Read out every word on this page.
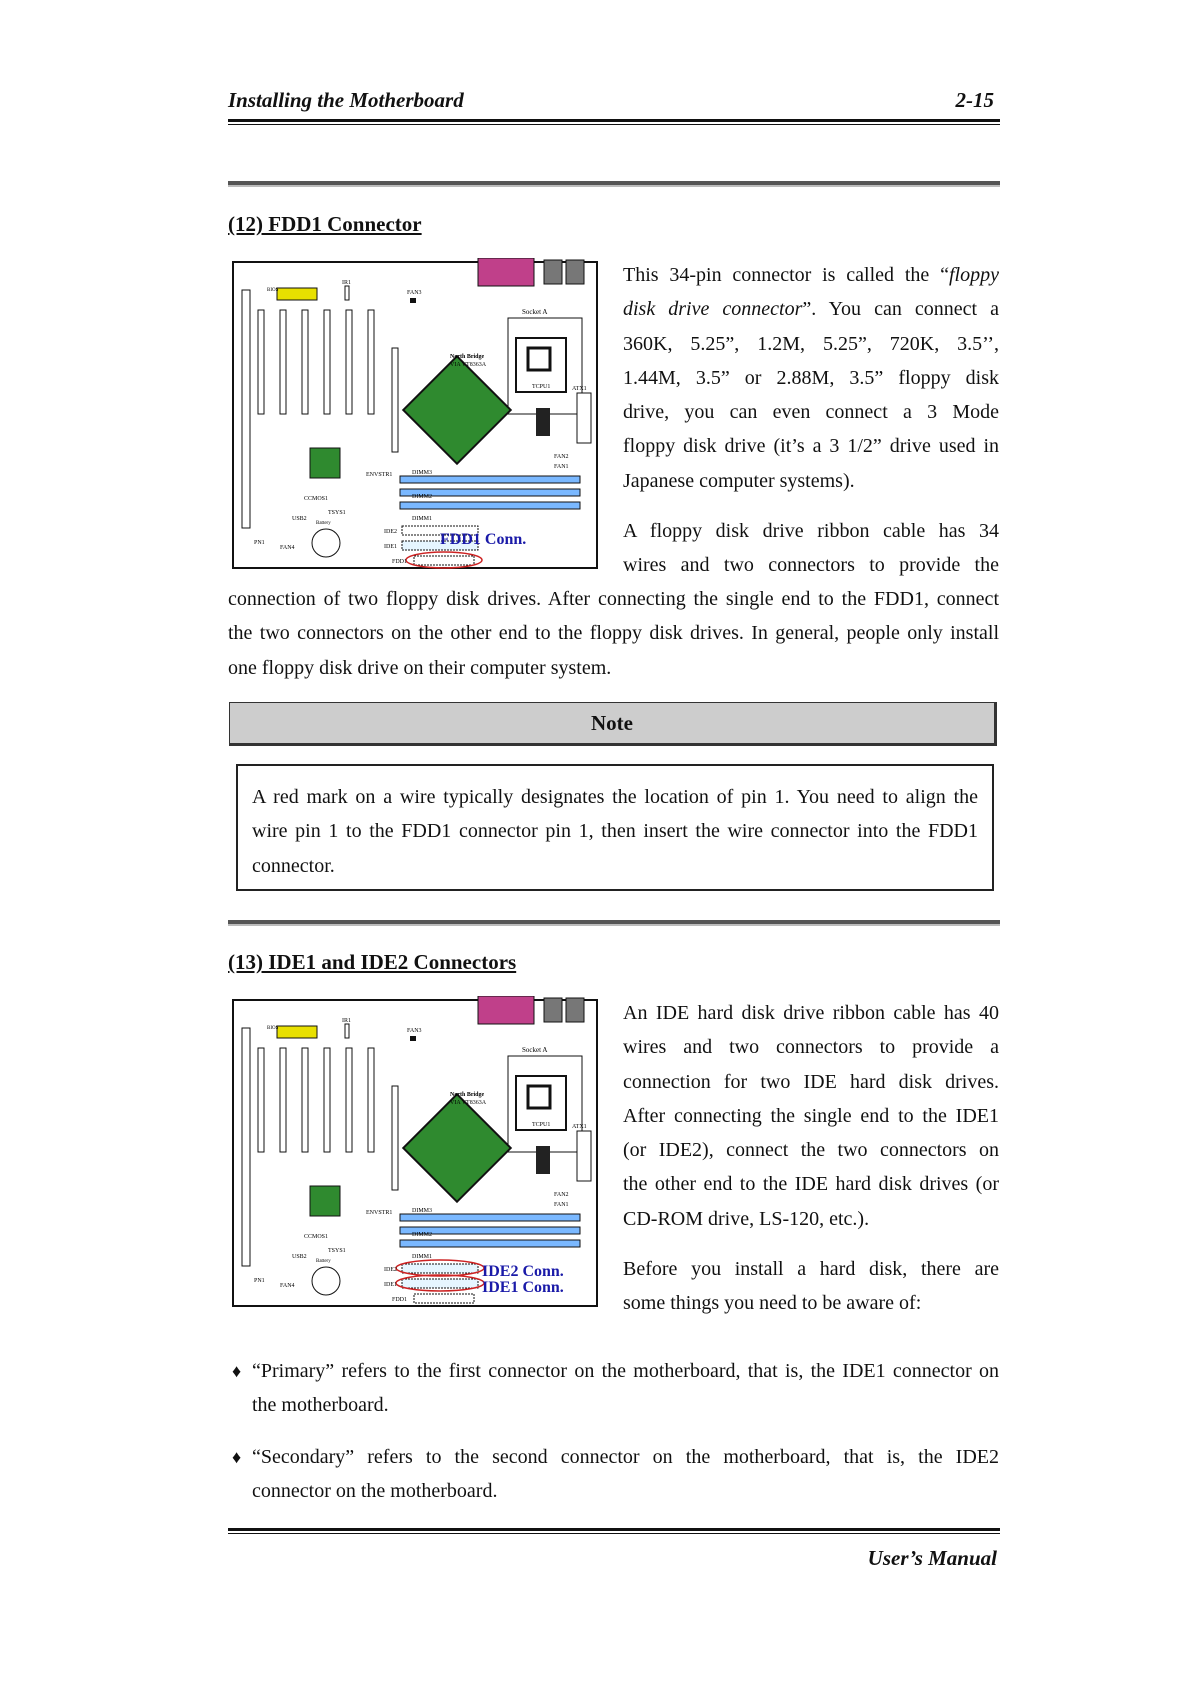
Installing the Motherboard	2-15
(12) FDD1 Connector
IR1
FAN3
Socket A
TCPU1
North Bridge
VIA VT8363A
ATX1
FAN2
FAN1
DIMM3
DIMM2
DIMM1
IDE2
IDE1
FDD1
CCMOS1
TSYS1
USB2
Battery
FAN4
PN1
ENVSTR1
BIOS
FDD1 Conn.

This 34-pin connector is called the “floppy

disk drive connector”. You can connect a

360K, 5.25”, 1.2M, 5.25”, 720K, 3.5’’,

1.44M, 3.5” or 2.88M, 3.5” floppy disk

drive, you can even connect a 3 Mode

floppy disk drive (it’s a 3 1/2” drive used in

Japanese computer systems).

A floppy disk drive ribbon cable has 34

wires and two connectors to provide the

connection of two floppy disk drives. After connecting the single end to the FDD1, connect

the two connectors on the other end to the floppy disk drives. In general, people only install

one floppy disk drive on their computer system.

Note

A red mark on a wire typically designates the location of pin 1. You need to align the

wire pin 1 to the FDD1 connector pin 1, then insert the wire connector into the FDD1

connector.

(13) IDE1 and IDE2 Connectors
IR1
FAN3
Socket A
TCPU1
North Bridge
VIA VT8363A
ATX1
FAN2
FAN1
DIMM3
DIMM2
DIMM1
IDE2
IDE1
FDD1
CCMOS1
TSYS1
USB2
Battery
FAN4
PN1
ENVSTR1
BIOS
IDE2 Conn.
IDE1 Conn.

An IDE hard disk drive ribbon cable has 40

wires and two connectors to provide a

connection for two IDE hard disk drives.

After connecting the single end to the IDE1

(or IDE2), connect the two connectors on

the other end to the IDE hard disk drives (or

CD-ROM drive, LS-120, etc.).

Before you install a hard disk, there are

some things you need to be aware of:

♦ “Primary” refers to the first connector on the motherboard, that is, the IDE1 connector on

the motherboard.

♦ “Secondary” refers to the second connector on the motherboard, that is, the IDE2

connector on the motherboard.

User’s Manual
